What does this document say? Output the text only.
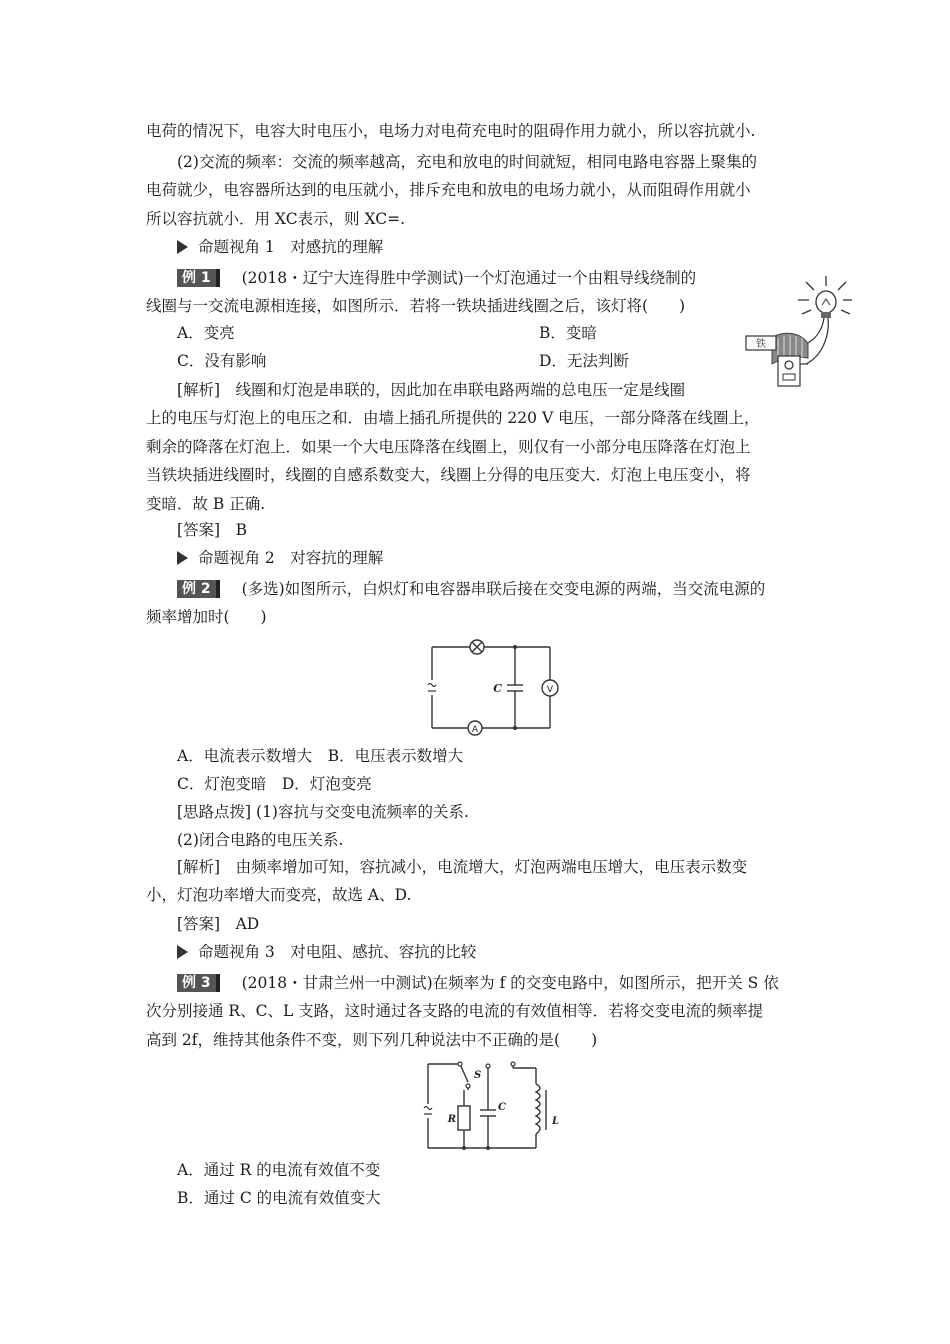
电荷的情况下，电容大时电压小，电场力对电荷充电时的阻碍作用力就小，所以容抗就小.
(2)交流的频率：交流的频率越高，充电和放电的时间就短，相同电路电容器上聚集的
电荷就少，电容器所达到的电压就小，排斥充电和放电的电场力就小，从而阻碍作用就小
所以容抗就小．用 XC表示，则 XC=.
命题视角 1　对感抗的理解
例 1	(2018・辽宁大连得胜中学测试)一个灯泡通过一个由粗导线绕制的
线圈与一交流电源相连接，如图所示．若将一铁块插进线圈之后，该灯将(　　)
A．变亮	B．变暗
C．没有影响	D．无法判断
铁
[解析]　线圈和灯泡是串联的，因此加在串联电路两端的总电压一定是线圈
上的电压与灯泡上的电压之和．由墙上插孔所提供的 220 V 电压，一部分降落在线圈上，
剩余的降落在灯泡上．如果一个大电压降落在线圈上，则仅有一小部分电压降落在灯泡上
当铁块插进线圈时，线圈的自感系数变大，线圈上分得的电压变大．灯泡上电压变小，将
变暗．故 B 正确.
[答案]　B
命题视角 2　对容抗的理解
例 2	(多选)如图所示，白炽灯和电容器串联后接在交变电源的两端，当交流电源的
频率增加时(　　)
V
A
C
A．电流表示数增大　B．电压表示数增大
C．灯泡变暗　D．灯泡变亮
[思路点拨] (1)容抗与交变电流频率的关系.
(2)闭合电路的电压关系.
[解析]　由频率增加可知，容抗减小，电流增大，灯泡两端电压增大，电压表示数变
小，灯泡功率增大而变亮，故选 A、D.
[答案]　AD
命题视角 3　对电阻、感抗、容抗的比较
例 3	(2018・甘肃兰州一中测试)在频率为 f 的交变电路中，如图所示，把开关 S 依
次分别接通 R、C、L 支路，这时通过各支路的电流的有效值相等．若将交变电流的频率提
高到 2f，维持其他条件不变，则下列几种说法中不正确的是(　　)
S
R
C
L
A．通过 R 的电流有效值不变
B．通过 C 的电流有效值变大
